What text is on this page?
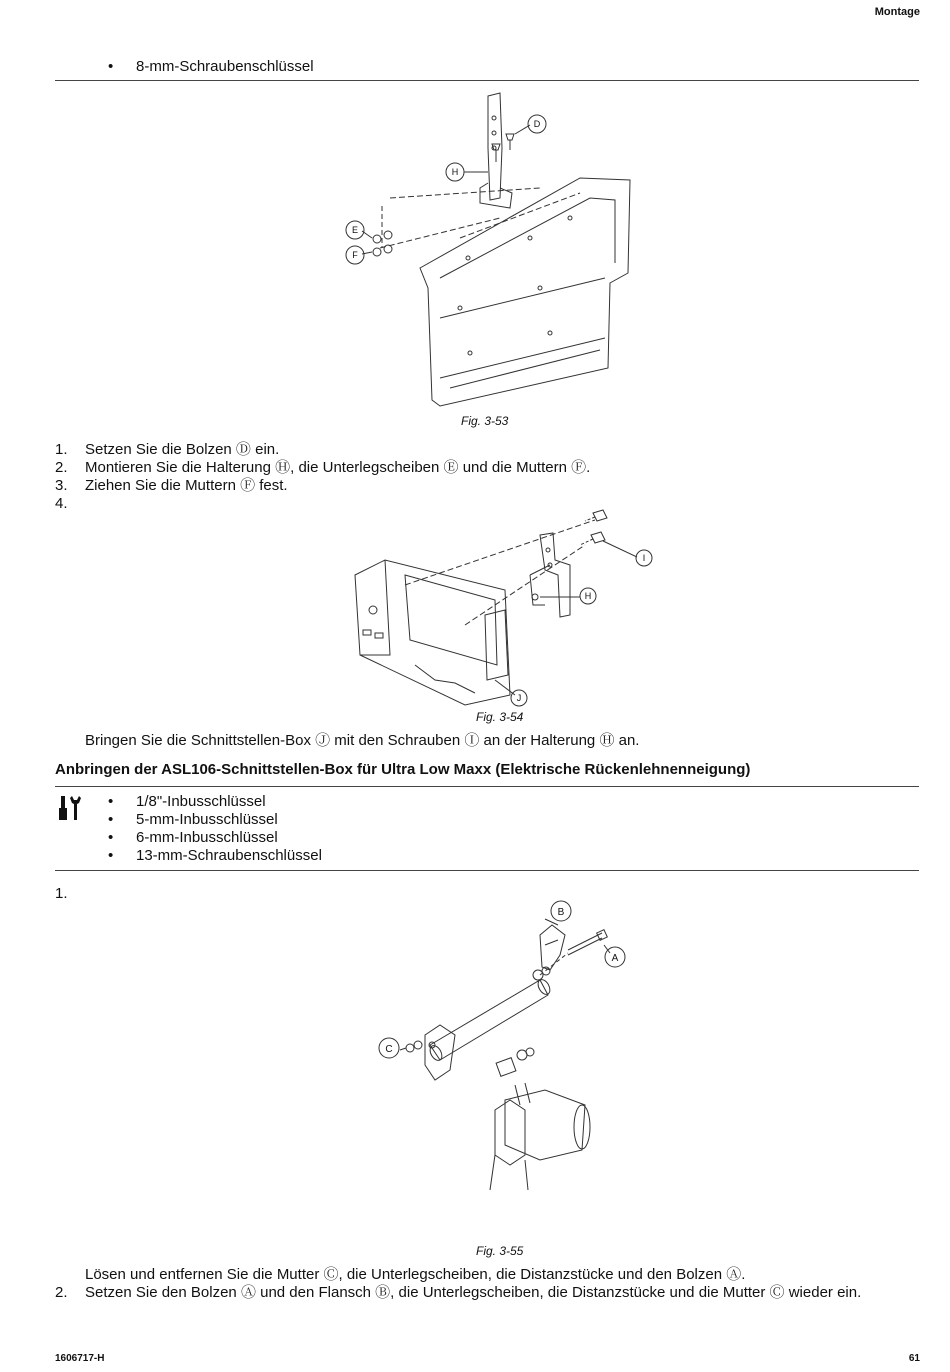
Montage
• 8-mm-Schraubenschlüssel
D
H
E
F
Fig. 3-53
1. Setzen Sie die Bolzen Ⓓ ein.
2. Montieren Sie die Halterung Ⓗ, die Unterlegscheiben Ⓔ und die Muttern Ⓕ.
3. Ziehen Sie die Muttern Ⓕ fest.
4.
I
H
J
Fig. 3-54
Bringen Sie die Schnittstellen-Box Ⓙ mit den Schrauben Ⓘ an der Halterung Ⓗ an.
Anbringen der ASL106-Schnittstellen-Box für Ultra Low Maxx (Elektrische Rückenlehnenneigung)
• 1/8"-Inbusschlüssel
• 5-mm-Inbusschlüssel
• 6-mm-Inbusschlüssel
• 13-mm-Schraubenschlüssel
1.
B
A
C
Fig. 3-55
Lösen und entfernen Sie die Mutter Ⓒ, die Unterlegscheiben, die Distanzstücke und den Bolzen Ⓐ.
2. Setzen Sie den Bolzen Ⓐ und den Flansch Ⓑ, die Unterlegscheiben, die Distanzstücke und die Mutter Ⓒ wieder ein.
1606717-H	61
